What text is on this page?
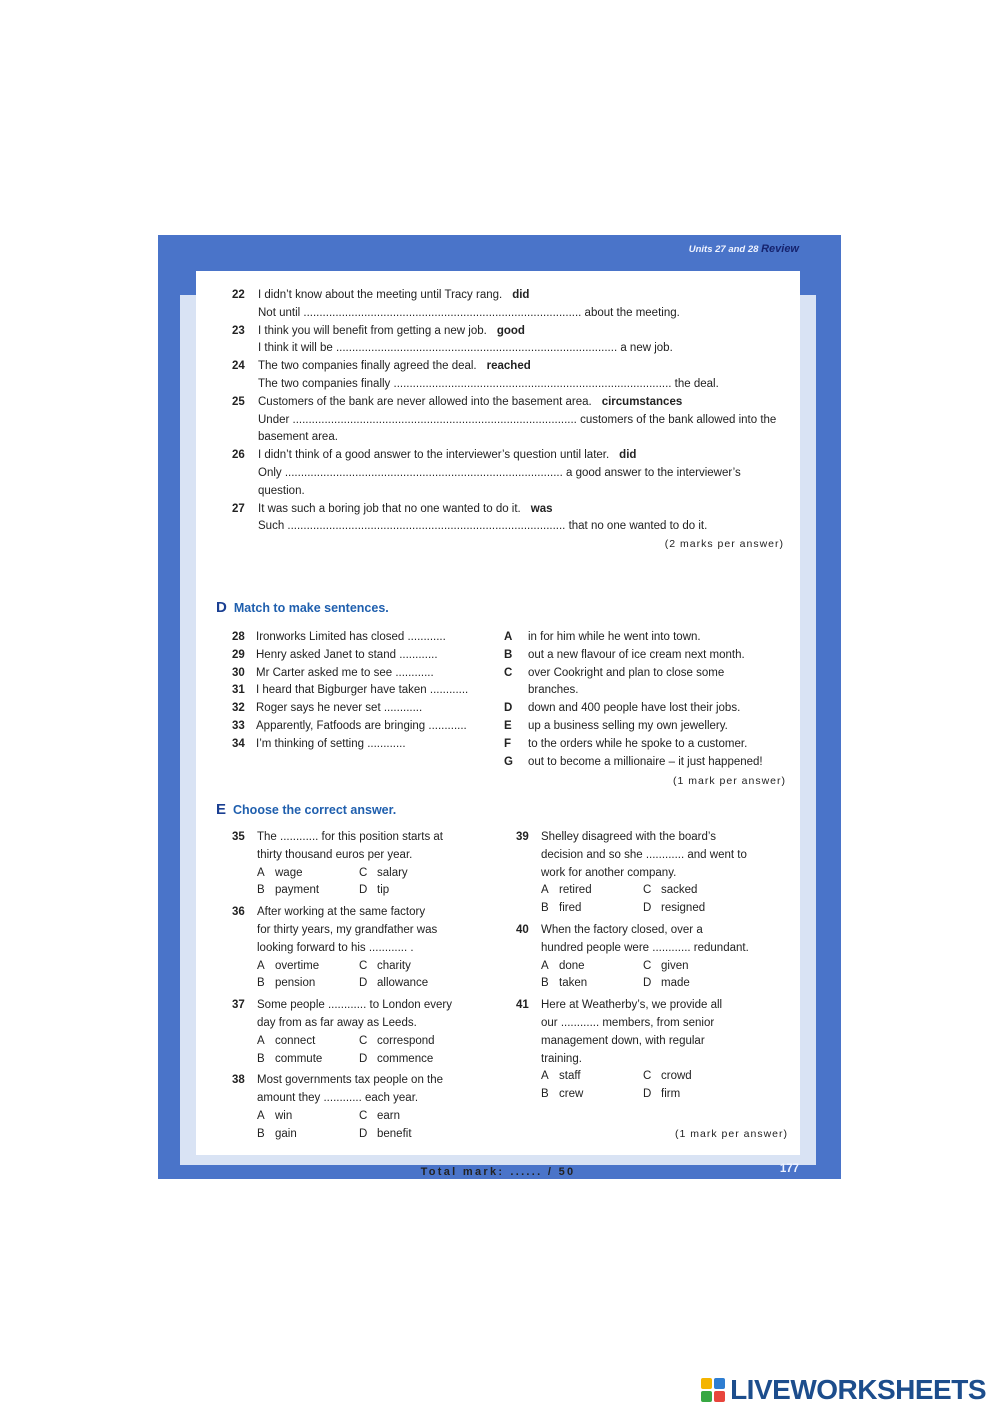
Units 27 and 28 Review
22	I didn’t know about the meeting until Tracy rang. did
Not until ....................................................................................... about the meeting.
23	I think you will benefit from getting a new job. good
I think it will be ........................................................................................ a new job.
24	The two companies finally agreed the deal. reached
The two companies finally ....................................................................................... the deal.
25	Customers of the bank are never allowed into the basement area. circumstances
Under ......................................................................................... customers of the bank allowed into the
basement area.
26	I didn’t think of a good answer to the interviewer’s question until later. did
Only ....................................................................................... a good answer to the interviewer’s
question.
27	It was such a boring job that no one wanted to do it. was
Such ....................................................................................... that no one wanted to do it.
(2 marks per answer)
D Match to make sentences.
28 Ironworks Limited has closed ............
29 Henry asked Janet to stand ............
30 Mr Carter asked me to see ............
31 I heard that Bigburger have taken ............
32 Roger says he never set ............
33 Apparently, Fatfoods are bringing ............
34 I’m thinking of setting ............
A	in for him while he went into town.
B	out a new flavour of ice cream next month.
C	over Cookright and plan to close some
branches.
D	down and 400 people have lost their jobs.
E	up a business selling my own jewellery.
F	to the orders while he spoke to a customer.
G	out to become a millionaire – it just happened!
(1 mark per answer)
E Choose the correct answer.
35	The ............ for this position starts at
thirty thousand euros per year.
A wage	C salary
B payment	D tip
36	After working at the same factory
for thirty years, my grandfather was
looking forward to his ............ .
A overtime	C charity
B pension	D allowance
37	Some people ............ to London every
day from as far away as Leeds.
A connect	C correspond
B commute	D commence
38	Most governments tax people on the
amount they ............ each year.
A win	C earn
B gain	D benefit
39	Shelley disagreed with the board’s
decision and so she ............ and went to
work for another company.
A retired	C sacked
B fired	D resigned
40	When the factory closed, over a
hundred people were ............ redundant.
A done	C given
B taken	D made
41	Here at Weatherby’s, we provide all
our ............ members, from senior
management down, with regular
training.
A staff	C crowd
B crew	D firm
(1 mark per answer)
Total mark: ...... / 50	177
LIVEWORKSHEETS
